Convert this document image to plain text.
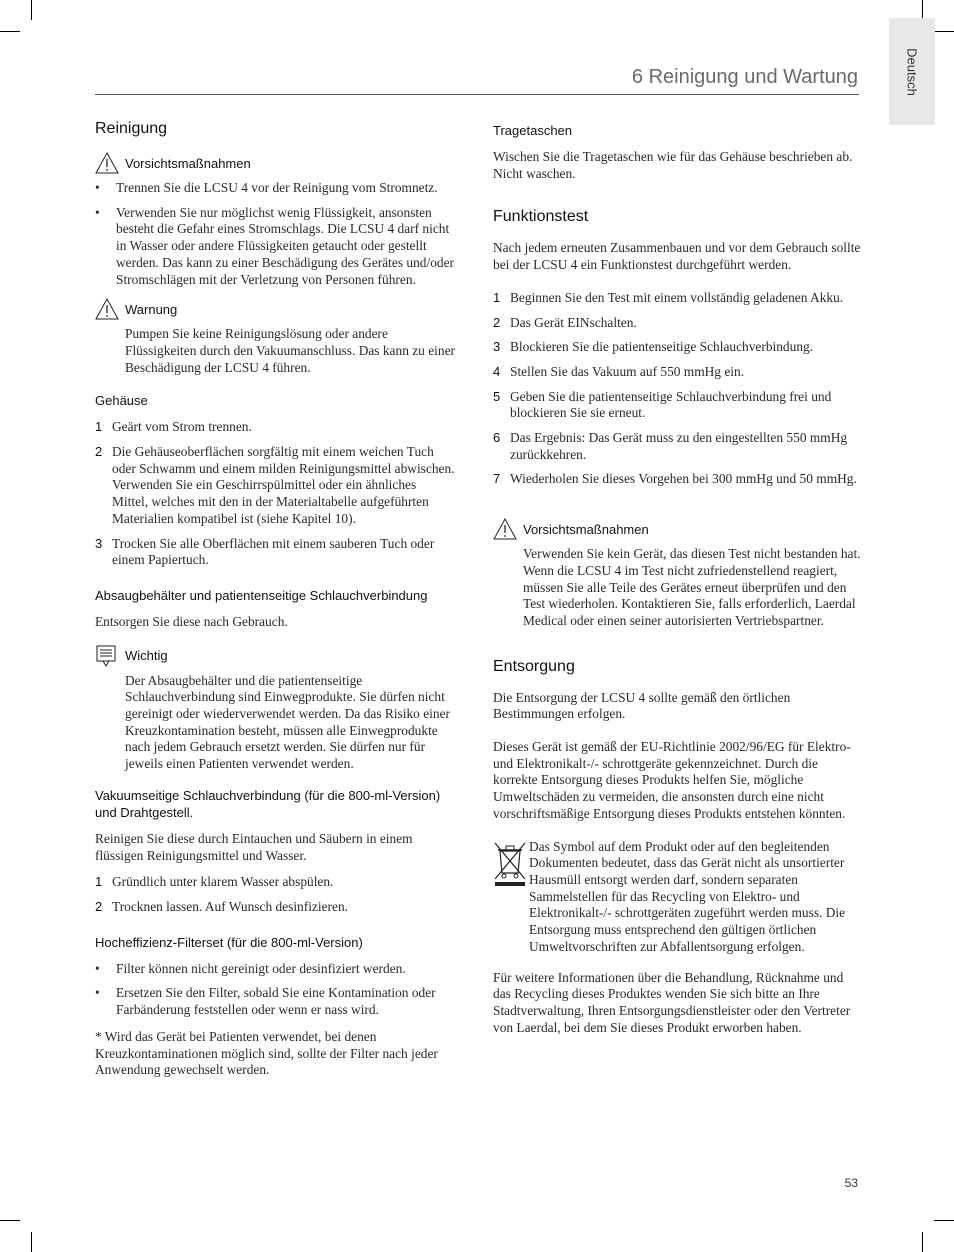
Deutsch
6 Reinigung und Wartung
Reinigung
Vorsichtsmaßnahmen
• Trennen Sie die LCSU 4 vor der Reinigung vom Stromnetz.
• Verwenden Sie nur möglichst wenig Flüssigkeit, ansonsten besteht die Gefahr eines Stromschlags. Die LCSU 4 darf nicht in Wasser oder andere Flüssigkeiten getaucht oder gestellt werden. Das kann zu einer Beschädigung des Gerätes und/oder Stromschlägen mit der Verletzung von Personen führen.
Warnung

Pumpen Sie keine Reinigungslösung oder andere Flüssigkeiten durch den Vakuumanschluss. Das kann zu einer Beschädigung der LCSU 4 führen.

Gehäuse
1 Geärt vom Strom trennen.
2 Die Gehäuseoberflächen sorgfältig mit einem weichen Tuch oder Schwamm und einem milden Reinigungsmittel abwischen. Verwenden Sie ein Geschirrspülmittel oder ein ähnliches Mittel, welches mit den in der Materialtabelle aufgeführten Materialien kompatibel ist (siehe Kapitel 10).
3 Trocken Sie alle Oberflächen mit einem sauberen Tuch oder einem Papiertuch.
Absaugbehälter und patientenseitige Schlauchverbindung

Entsorgen Sie diese nach Gebrauch.

Wichtig

Der Absaugbehälter und die patientenseitige Schlauchverbindung sind Einwegprodukte. Sie dürfen nicht gereinigt oder wiederverwendet werden. Da das Risiko einer Kreuzkontamination besteht, müssen alle Einwegprodukte nach jedem Gebrauch ersetzt werden. Sie dürfen nur für jeweils einen Patienten verwendet werden.

Vakuumseitige Schlauchverbindung (für die 800-ml-Version) und Drahtgestell.

Reinigen Sie diese durch Eintauchen und Säubern in einem flüssigen Reinigungsmittel und Wasser.

1 Gründlich unter klarem Wasser abspülen.
2 Trocknen lassen. Auf Wunsch desinfizieren.
Hocheffizienz-Filterset (für die 800-ml-Version)
• Filter können nicht gereinigt oder desinfiziert werden.
• Ersetzen Sie den Filter, sobald Sie eine Kontamination oder Farbänderung feststellen oder wenn er nass wird.

* Wird das Gerät bei Patienten verwendet, bei denen Kreuzkontaminationen möglich sind, sollte der Filter nach jeder Anwendung gewechselt werden.

Tragetaschen

Wischen Sie die Tragetaschen wie für das Gehäuse beschrieben ab. Nicht waschen.

Funktionstest

Nach jedem erneuten Zusammenbauen und vor dem Gebrauch sollte bei der LCSU 4 ein Funktionstest durchgeführt werden.

1 Beginnen Sie den Test mit einem vollständig geladenen Akku.
2 Das Gerät EINschalten.
3 Blockieren Sie die patientenseitige Schlauchverbindung.
4 Stellen Sie das Vakuum auf 550 mmHg ein.
5 Geben Sie die patientenseitige Schlauchverbindung frei und blockieren Sie sie erneut.
6 Das Ergebnis: Das Gerät muss zu den eingestellten 550 mmHg zurückkehren.
7 Wiederholen Sie dieses Vorgehen bei 300 mmHg und 50 mmHg.
Vorsichtsmaßnahmen

Verwenden Sie kein Gerät, das diesen Test nicht bestanden hat. Wenn die LCSU 4 im Test nicht zufriedenstellend reagiert, müssen Sie alle Teile des Gerätes erneut überprüfen und den Test wiederholen. Kontaktieren Sie, falls erforderlich, Laerdal Medical oder einen seiner autorisierten Vertriebspartner.

Entsorgung

Die Entsorgung der LCSU 4 sollte gemäß den örtlichen Bestimmungen erfolgen.

Dieses Gerät ist gemäß der EU-Richtlinie 2002/96/EG für Elektro- und Elektronikalt-/- schrottgeräte gekennzeichnet. Durch die korrekte Entsorgung dieses Produkts helfen Sie, mögliche Umweltschäden zu vermeiden, die ansonsten durch eine nicht vorschriftsmäßige Entsorgung dieses Produkts entstehen könnten.

Das Symbol auf dem Produkt oder auf den begleitenden Dokumenten bedeutet, dass das Gerät nicht als unsortierter Hausmüll entsorgt werden darf, sondern separaten Sammelstellen für das Recycling von Elektro- und Elektronikalt-/- schrottgeräten zugeführt werden muss. Die Entsorgung muss entsprechend den gültigen örtlichen Umweltvorschriften zur Abfallentsorgung erfolgen.

Für weitere Informationen über die Behandlung, Rücknahme und das Recycling dieses Produktes wenden Sie sich bitte an Ihre Stadtverwaltung, Ihren Entsorgungsdienstleister oder den Vertreter von Laerdal, bei dem Sie dieses Produkt erworben haben.

53
